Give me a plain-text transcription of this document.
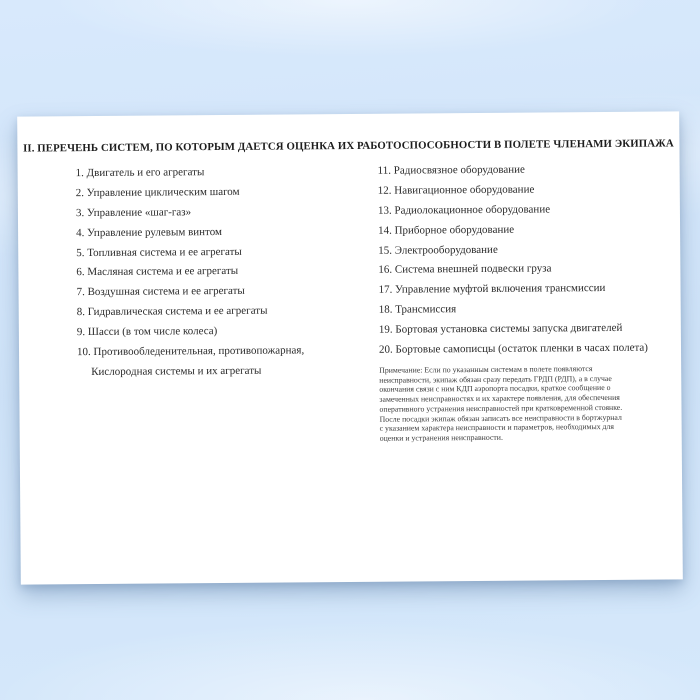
II. ПЕРЕЧЕНЬ СИСТЕМ, ПО КОТОРЫМ ДАЕТСЯ ОЦЕНКА ИХ РАБОТОСПОСОБНОСТИ В ПОЛЕТЕ ЧЛЕНАМИ ЭКИПАЖА
1. Двигатель и его агрегаты
2. Управление циклическим шагом
3. Управление «шаг-газ»
4. Управление рулевым винтом
5. Топливная система и ее агрегаты
6. Масляная система и ее агрегаты
7. Воздушная система и ее агрегаты
8. Гидравлическая система и ее агрегаты
9. Шасси (в том числе колеса)
10. Противообледенительная, противопожарная,
Кислородная системы и их агрегаты
11. Радиосвязное оборудование
12. Навигационное оборудование
13. Радиолокационное оборудование
14. Приборное оборудование
15. Электрооборудование
16. Система внешней подвески груза
17. Управление муфтой включения трансмиссии
18. Трансмиссия
19. Бортовая установка системы запуска двигателей
20. Бортовые самописцы (остаток пленки в часах полета)
Примечание: Если по указанным системам в полете появляются
неисправности, экипаж обязан сразу передать ГРДП (РДП), а в случае
окончания связи с ним КДП аэропорта посадки, краткое сообщение о
замеченных неисправностях и их характере появления, для обеспечения
оперативного устранения неисправностей при кратковременной стоянке.
После посадки экипаж обязан записать все неисправности в бортжурнал
с указанием характера неисправности и параметров, необходимых для
оценки и устранения неисправности.
